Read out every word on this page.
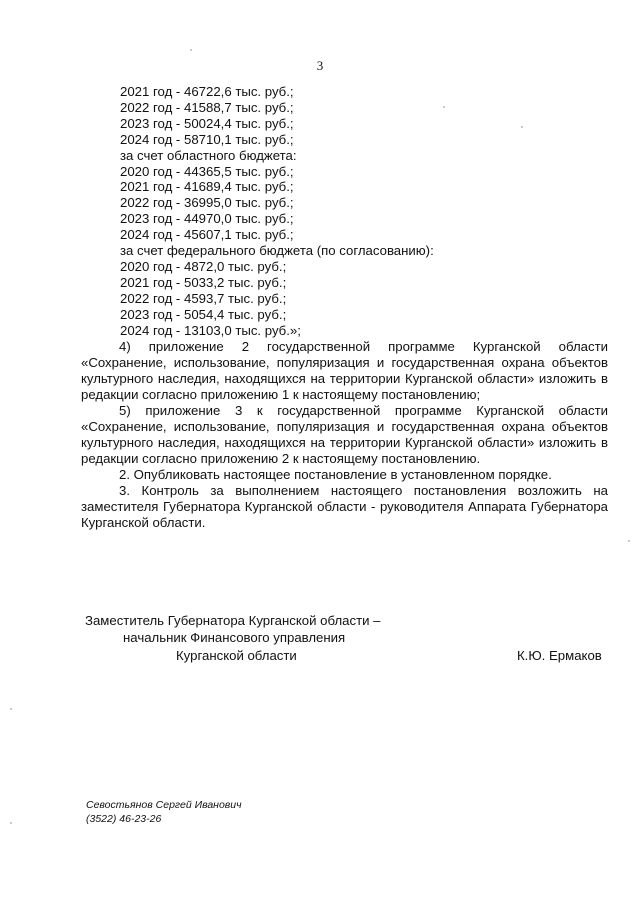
3
2021 год - 46722,6 тыс. руб.;
2022 год - 41588,7 тыс. руб.;
2023 год - 50024,4 тыс. руб.;
2024 год - 58710,1 тыс. руб.;
за счет областного бюджета:
2020 год - 44365,5 тыс. руб.;
2021 год - 41689,4 тыс. руб.;
2022 год - 36995,0 тыс. руб.;
2023 год - 44970,0 тыс. руб.;
2024 год - 45607,1 тыс. руб.;
за счет федерального бюджета (по согласованию):
2020 год - 4872,0 тыс. руб.;
2021 год - 5033,2 тыс. руб.;
2022 год - 4593,7 тыс. руб.;
2023 год - 5054,4 тыс. руб.;
2024 год - 13103,0 тыс. руб.»;

4) приложение 2 государственной программе Курганской области «Сохранение, использование, популяризация и государственная охрана объектов культурного наследия, находящихся на территории Курганской области» изложить в редакции согласно приложению 1 к настоящему постановлению;

5) приложение 3 к государственной программе Курганской области «Сохранение, использование, популяризация и государственная охрана объектов культурного наследия, находящихся на территории Курганской области» изложить в редакции согласно приложению 2 к настоящему постановлению.

2. Опубликовать настоящее постановление в установленном порядке.

3. Контроль за выполнением настоящего постановления возложить на заместителя Губернатора Курганской области - руководителя Аппарата Губернатора Курганской области.

Заместитель Губернатора Курганской области –
начальник Финансового управления
Курганской области	К.Ю. Ермаков
Севостьянов Сергей Иванович
(3522) 46-23-26
